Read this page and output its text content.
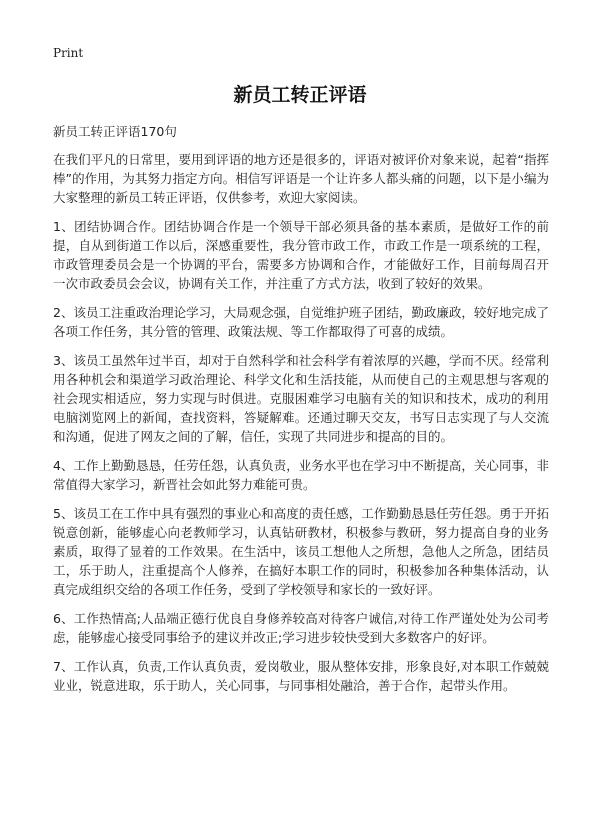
Print
新员工转正评语
新员工转正评语170句

在我们平凡的日常里，要用到评语的地方还是很多的，评语对被评价对象来说，起着“指挥棒”的作用，为其努力指定方向。相信写评语是一个让许多人都头痛的问题，以下是小编为大家整理的新员工转正评语，仅供参考，欢迎大家阅读。

1、团结协调合作。团结协调合作是一个领导干部必须具备的基本素质，是做好工作的前提，自从到街道工作以后，深感重要性，我分管市政工作，市政工作是一项系统的工程，市政管理委员会是一个协调的平台，需要多方协调和合作，才能做好工作，目前每周召开一次市政委员会会议，协调有关工作，并注重了方式方法，收到了较好的效果。

2、该员工注重政治理论学习，大局观念强，自觉维护班子团结，勤政廉政，较好地完成了各项工作任务，其分管的管理、政策法规、等工作都取得了可喜的成绩。

3、该员工虽然年过半百，却对于自然科学和社会科学有着浓厚的兴趣，学而不厌。经常利用各种机会和渠道学习政治理论、科学文化和生活技能，从而使自己的主观思想与客观的社会现实相适应，努力实现与时俱进。克服困难学习电脑有关的知识和技术，成功的利用电脑浏览网上的新闻，查找资料，答疑解难。还通过聊天交友，书写日志实现了与人交流和沟通，促进了网友之间的了解，信任，实现了共同进步和提高的目的。

4、工作上勤勤恳恳，任劳任怨，认真负责，业务水平也在学习中不断提高，关心同事，非常值得大家学习，新晋社会如此努力难能可贵。

5、该员工在工作中具有强烈的事业心和高度的责任感，工作勤勤恳恳任劳任怨。勇于开拓锐意创新，能够虚心向老教师学习，认真钻研教材，积极参与教研，努力提高自身的业务素质，取得了显着的工作效果。在生活中，该员工想他人之所想，急他人之所急，团结员工，乐于助人，注重提高个人修养，在搞好本职工作的同时，积极参加各种集体活动，认真完成组织交给的各项工作任务，受到了学校领导和家长的一致好评。

6、工作热情高;人品端正德行优良自身修养较高对待客户诚信,对待工作严谨处处为公司考虑，能够虚心接受同事给予的建议并改正;学习进步较快受到大多数客户的好评。

7、工作认真，负责,工作认真负责，爱岗敬业，服从整体安排，形象良好,对本职工作兢兢业业，锐意进取，乐于助人，关心同事，与同事相处融洽，善于合作，起带头作用。
